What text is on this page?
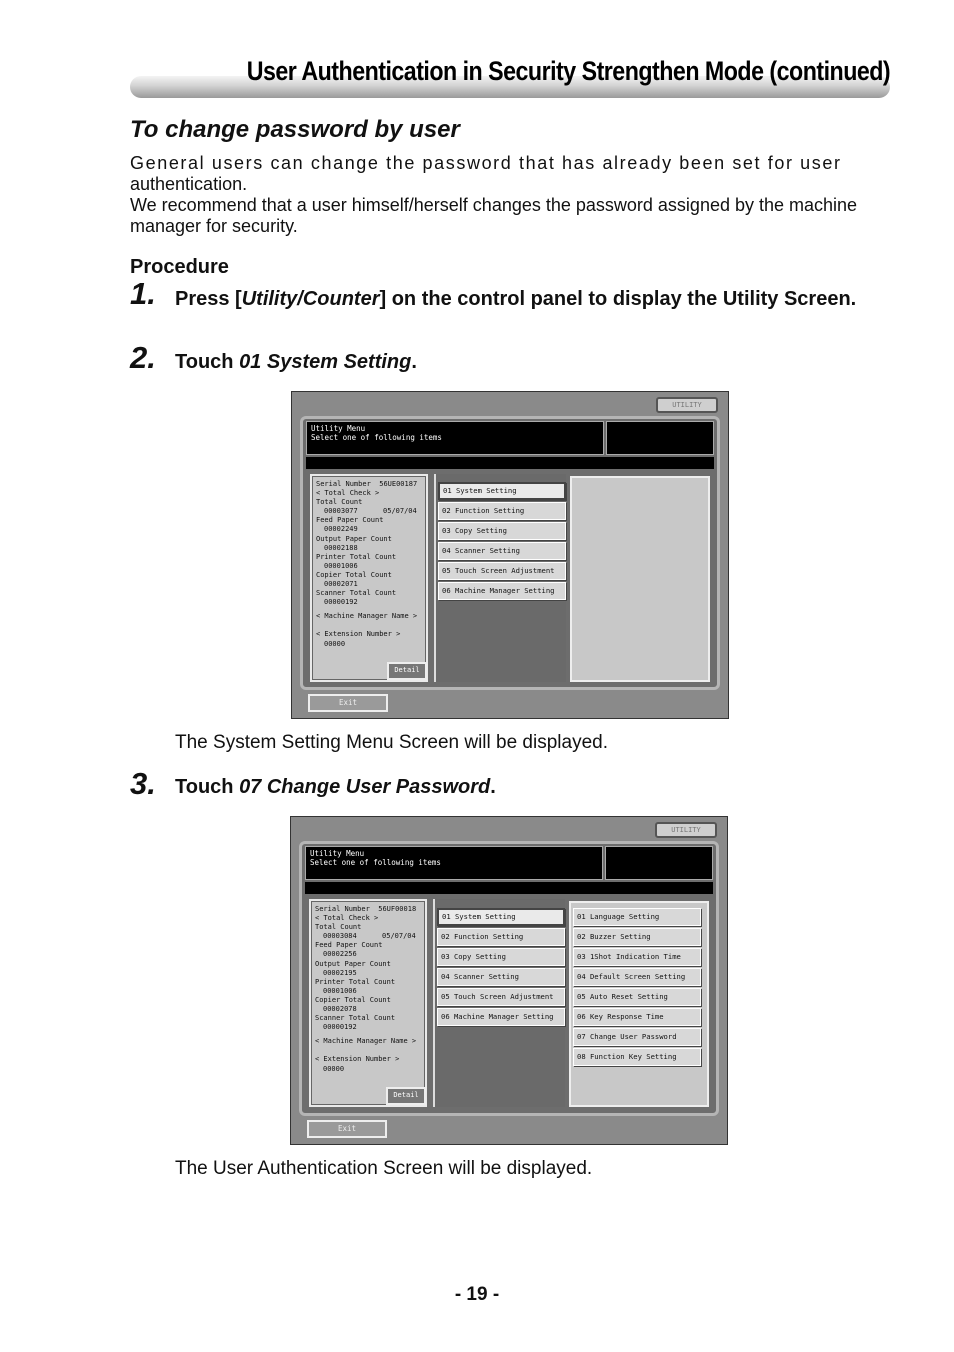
User Authentication in Security Strengthen Mode (continued)
To change password by user
General users can change the password that has already been set for user
authentication.
We recommend that a user himself/herself changes the password assigned by the machine manager for security.
Procedure
1. Press [Utility/Counter] on the control panel to display the Utility Screen.
2. Touch 01 System Setting.
UTILITY
Utility Menu
Select one of following items
Serial Number 56UE00187
< Total Check >
Total Count
00003077	05/07/04
Feed Paper Count
00002249
Output Paper Count
00002188
Printer Total Count
00001006
Copier Total Count
00002071
Scanner Total Count
00000192
< Machine Manager Name >
< Extension Number >
00000
Detail
01 System Setting
02 Function Setting
03 Copy Setting
04 Scanner Setting
05 Touch Screen Adjustment
06 Machine Manager Setting
Exit
The System Setting Menu Screen will be displayed.
3. Touch 07 Change User Password.
UTILITY
Utility Menu
Select one of following items
Serial Number 56UF00018
< Total Check >
Total Count
00003084	05/07/04
Feed Paper Count
00002256
Output Paper Count
00002195
Printer Total Count
00001006
Copier Total Count
00002078
Scanner Total Count
00000192
< Machine Manager Name >
< Extension Number >
00000
Detail
01 System Setting
02 Function Setting
03 Copy Setting
04 Scanner Setting
05 Touch Screen Adjustment
06 Machine Manager Setting
01 Language Setting
02 Buzzer Setting
03 1Shot Indication Time
04 Default Screen Setting
05 Auto Reset Setting
06 Key Response Time
07 Change User Password
08 Function Key Setting
Exit
The User Authentication Screen will be displayed.
- 19 -
